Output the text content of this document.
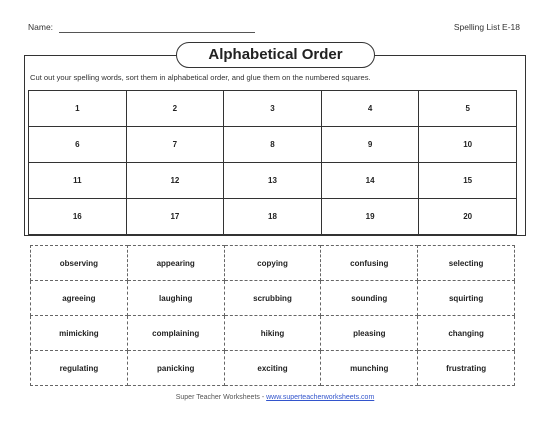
Name:	Spelling List E-18
Alphabetical Order
Cut out your spelling words, sort them in alphabetical order, and glue them on the numbered squares.
1	2	3	4	5
6	7	8	9	10
11	12	13	14	15
16	17	18	19	20
observing	appearing	copying	confusing	selecting
agreeing	laughing	scrubbing	sounding	squirting
mimicking	complaining	hiking	pleasing	changing
regulating	panicking	exciting	munching	frustrating
Super Teacher Worksheets - www.superteacherworksheets.com
